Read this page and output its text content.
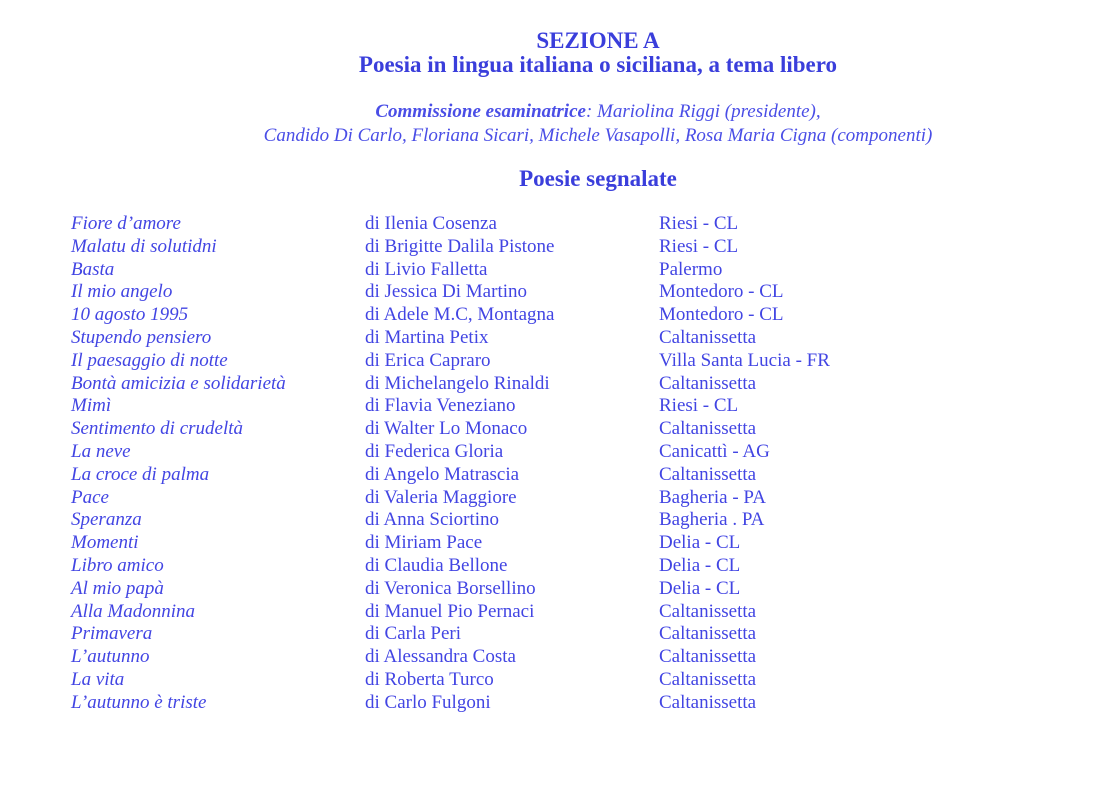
SEZIONE A
Poesia in lingua italiana o siciliana, a tema libero
Commissione esaminatrice: Mariolina Riggi (presidente),
Candido Di Carlo, Floriana Sicari, Michele Vasapolli, Rosa Maria Cigna (componenti)
Poesie segnalate
Fiore d’amore	di Ilenia Cosenza	Riesi - CL
Malatu di solutidni	di Brigitte Dalila Pistone	Riesi - CL
Basta	di Livio Falletta	Palermo
Il mio angelo	di Jessica Di Martino	Montedoro - CL
10 agosto 1995	di Adele M.C, Montagna	Montedoro - CL
Stupendo pensiero	di Martina Petix	Caltanissetta
Il paesaggio di notte	di Erica Capraro	Villa Santa Lucia - FR
Bontà amicizia e solidarietà	di Michelangelo Rinaldi	Caltanissetta
Mimì	di Flavia Veneziano	Riesi - CL
Sentimento di crudeltà	di Walter Lo Monaco	Caltanissetta
La neve	di Federica Gloria	Canicattì - AG
La croce di palma	di Angelo Matrascia	Caltanissetta
Pace	di Valeria Maggiore	Bagheria - PA
Speranza	di Anna Sciortino	Bagheria . PA
Momenti	di Miriam Pace	Delia - CL
Libro amico	di Claudia Bellone	Delia - CL
Al mio papà	di Veronica Borsellino	Delia - CL
Alla Madonnina	di Manuel Pio Pernaci	Caltanissetta
Primavera	di Carla Peri	Caltanissetta
L’autunno	di Alessandra Costa	Caltanissetta
La vita	di Roberta Turco	Caltanissetta
L’autunno è triste	di Carlo Fulgoni	Caltanissetta
